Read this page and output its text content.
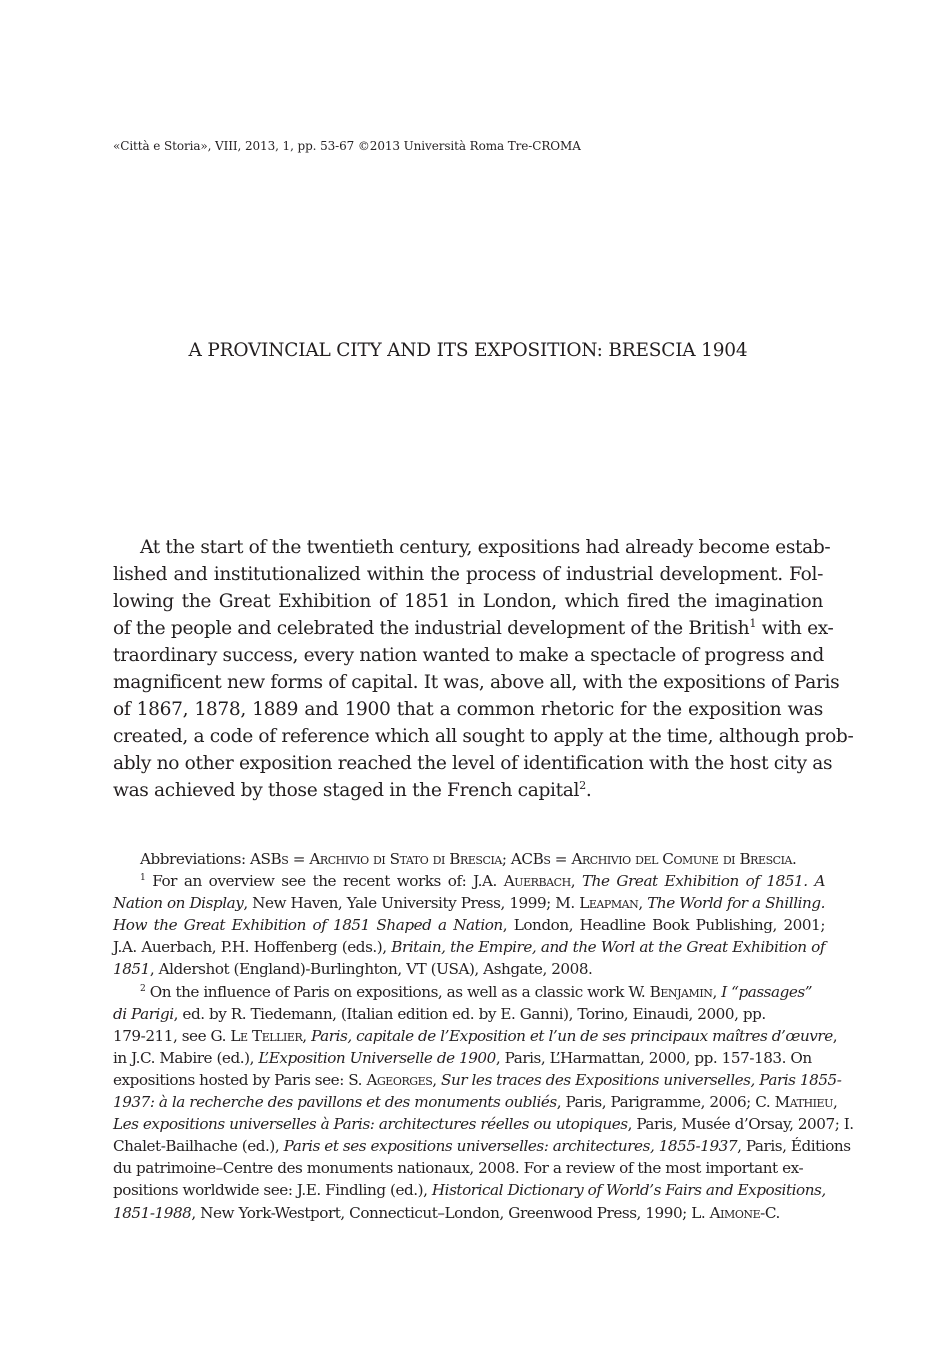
«Città e Storia», VIII, 2013, 1, pp. 53-67 ©2013 Università Roma Tre-CROMA
A PROVINCIAL CITY AND ITS EXPOSITION: BRESCIA 1904
At the start of the twentieth century, expositions had already become estab-
lished and institutionalized within the process of industrial development. Fol-
lowing the Great Exhibition of 1851 in London, which fired the imagination
of the people and celebrated the industrial development of the British$^1$ with ex-
traordinary success, every nation wanted to make a spectacle of progress and
magnificent new forms of capital. It was, above all, with the expositions of Paris
of 1867, 1878, 1889 and 1900 that a common rhetoric for the exposition was
created, a code of reference which all sought to apply at the time, although prob-
ably no other exposition reached the level of identification with the host city as
was achieved by those staged in the French capital$^2$.
Abbreviations: ASBs = Archivio di Stato di Brescia; ACBs = Archivio del Comune di Brescia.
$^1$ For an overview see the recent works of: J.A. Auerbach, The Great Exhibition of 1851. A
Nation on Display, New Haven, Yale University Press, 1999; M. Leapman, The World for a Shilling.
How the Great Exhibition of 1851 Shaped a Nation, London, Headline Book Publishing, 2001;
J.A. Auerbach, P.H. Hoffenberg (eds.), Britain, the Empire, and the Worl at the Great Exhibition of
1851, Aldershot (England)-Burlinghton, VT (USA), Ashgate, 2008.
$^2$ On the influence of Paris on expositions, as well as a classic work W. Benjamin, I “passages”
di Parigi, ed. by R. Tiedemann, (Italian edition ed. by E. Ganni), Torino, Einaudi, 2000, pp.
179-211, see G. Le Tellier, Paris, capitale de l’Exposition et l’un de ses principaux maîtres d’œuvre,
in J.C. Mabire (ed.), L’Exposition Universelle de 1900, Paris, L’Harmattan, 2000, pp. 157-183. On
expositions hosted by Paris see: S. Ageorges, Sur les traces des Expositions universelles, Paris 1855-
1937: à la recherche des pavillons et des monuments oubliés, Paris, Parigramme, 2006; C. Mathieu,
Les expositions universelles à Paris: architectures réelles ou utopiques, Paris, Musée d’Orsay, 2007; I.
Chalet-Bailhache (ed.), Paris et ses expositions universelles: architectures, 1855-1937, Paris, Éditions
du patrimoine–Centre des monuments nationaux, 2008. For a review of the most important ex-
positions worldwide see: J.E. Findling (ed.), Historical Dictionary of World’s Fairs and Expositions,
1851-1988, New York-Westport, Connecticut–London, Greenwood Press, 1990; L. Aimone-C.
